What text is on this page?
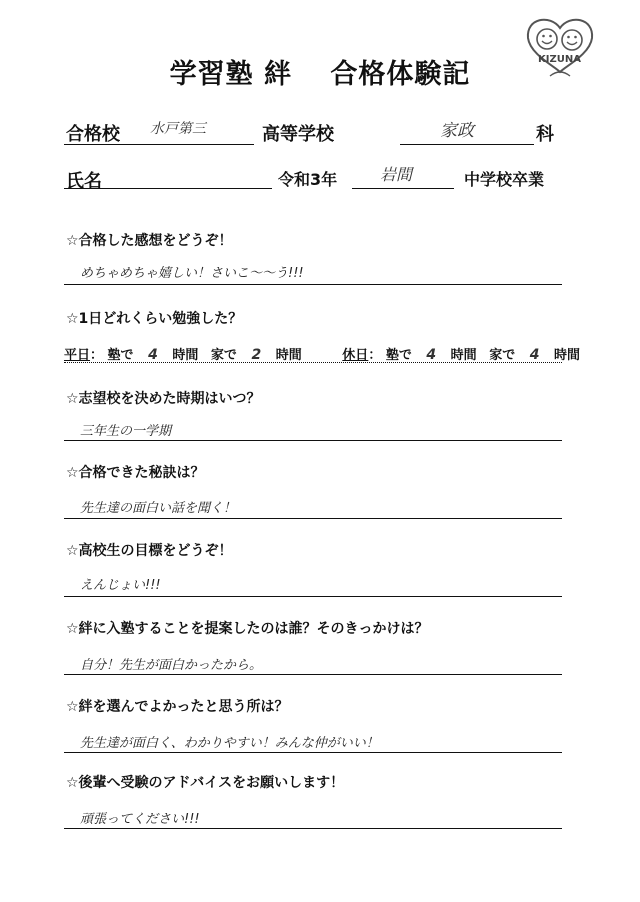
学習塾 絆　 合格体験記	KIZUNA
合格校 水戸第三	高等学校	家政	科
氏名	令和3年	岩間	中学校卒業
☆合格した感想をどうぞ！
めちゃめちゃ嬉しい！さいこ〜〜う!!!
☆1日どれくらい勉強した？
平日： 塾で 4 時間 家で 2 時間	休日： 塾で 4 時間 家で 4 時間
☆志望校を決めた時期はいつ？
三年生の一学期
☆合格できた秘訣は？
先生達の面白い話を聞く！
☆高校生の目標をどうぞ！
えんじょい!!!
☆絆に入塾することを提案したのは誰？そのきっかけは？
自分！先生が面白かったから。
☆絆を選んでよかったと思う所は？
先生達が面白く、わかりやすい！みんな仲がいい！
☆後輩へ受験のアドバイスをお願いします！
頑張ってください!!!
